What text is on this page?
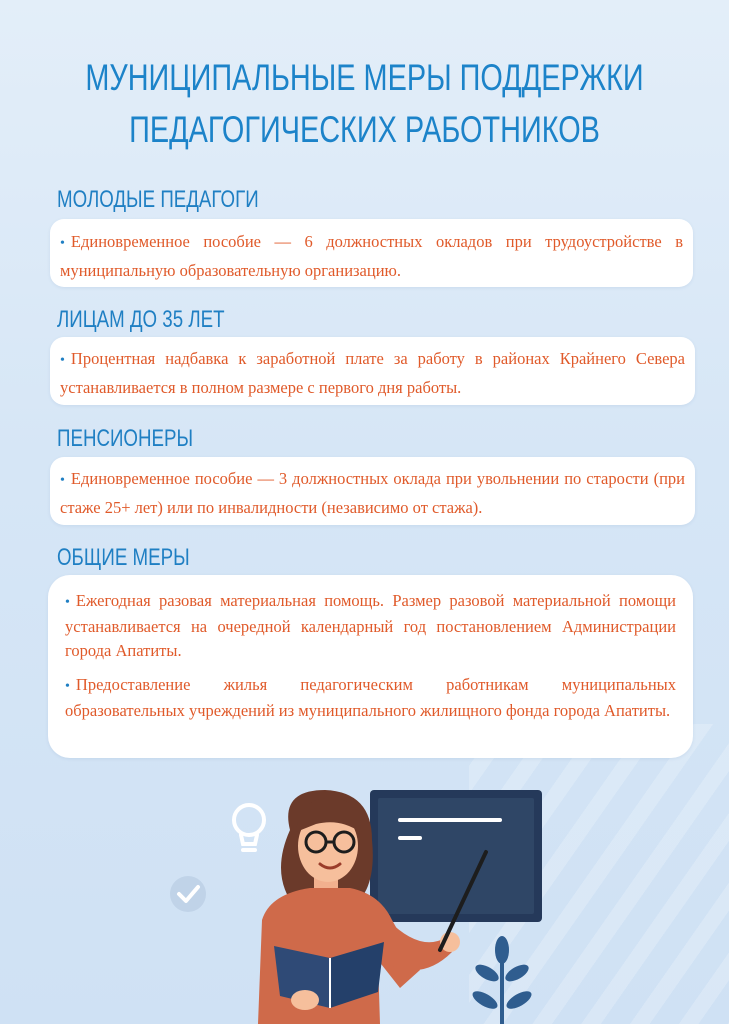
МУНИЦИПАЛЬНЫЕ МЕРЫ ПОДДЕРЖКИ
ПЕДАГОГИЧЕСКИХ РАБОТНИКОВ
МОЛОДЫЕ ПЕДАГОГИ

• Единовременное пособие — 6 должностных окладов при трудоустройстве в муниципальную образовательную организацию.

ЛИЦАМ ДО 35 ЛЕТ

• Процентная надбавка к заработной плате за работу в районах Крайнего Севера устанавливается в полном размере с первого дня работы.

ПЕНСИОНЕРЫ

• Единовременное пособие — 3 должностных оклада при увольнении по старости (при стаже 25+ лет) или по инвалидности (независимо от стажа).

ОБЩИЕ МЕРЫ

• Ежегодная разовая материальная помощь. Размер разовой материальной помощи устанавливается на очередной календарный год постановлением Администрации города Апатиты.

• Предоставление жилья педагогическим работникам муниципальных образовательных учреждений из муниципального жилищного фонда города Апатиты.
